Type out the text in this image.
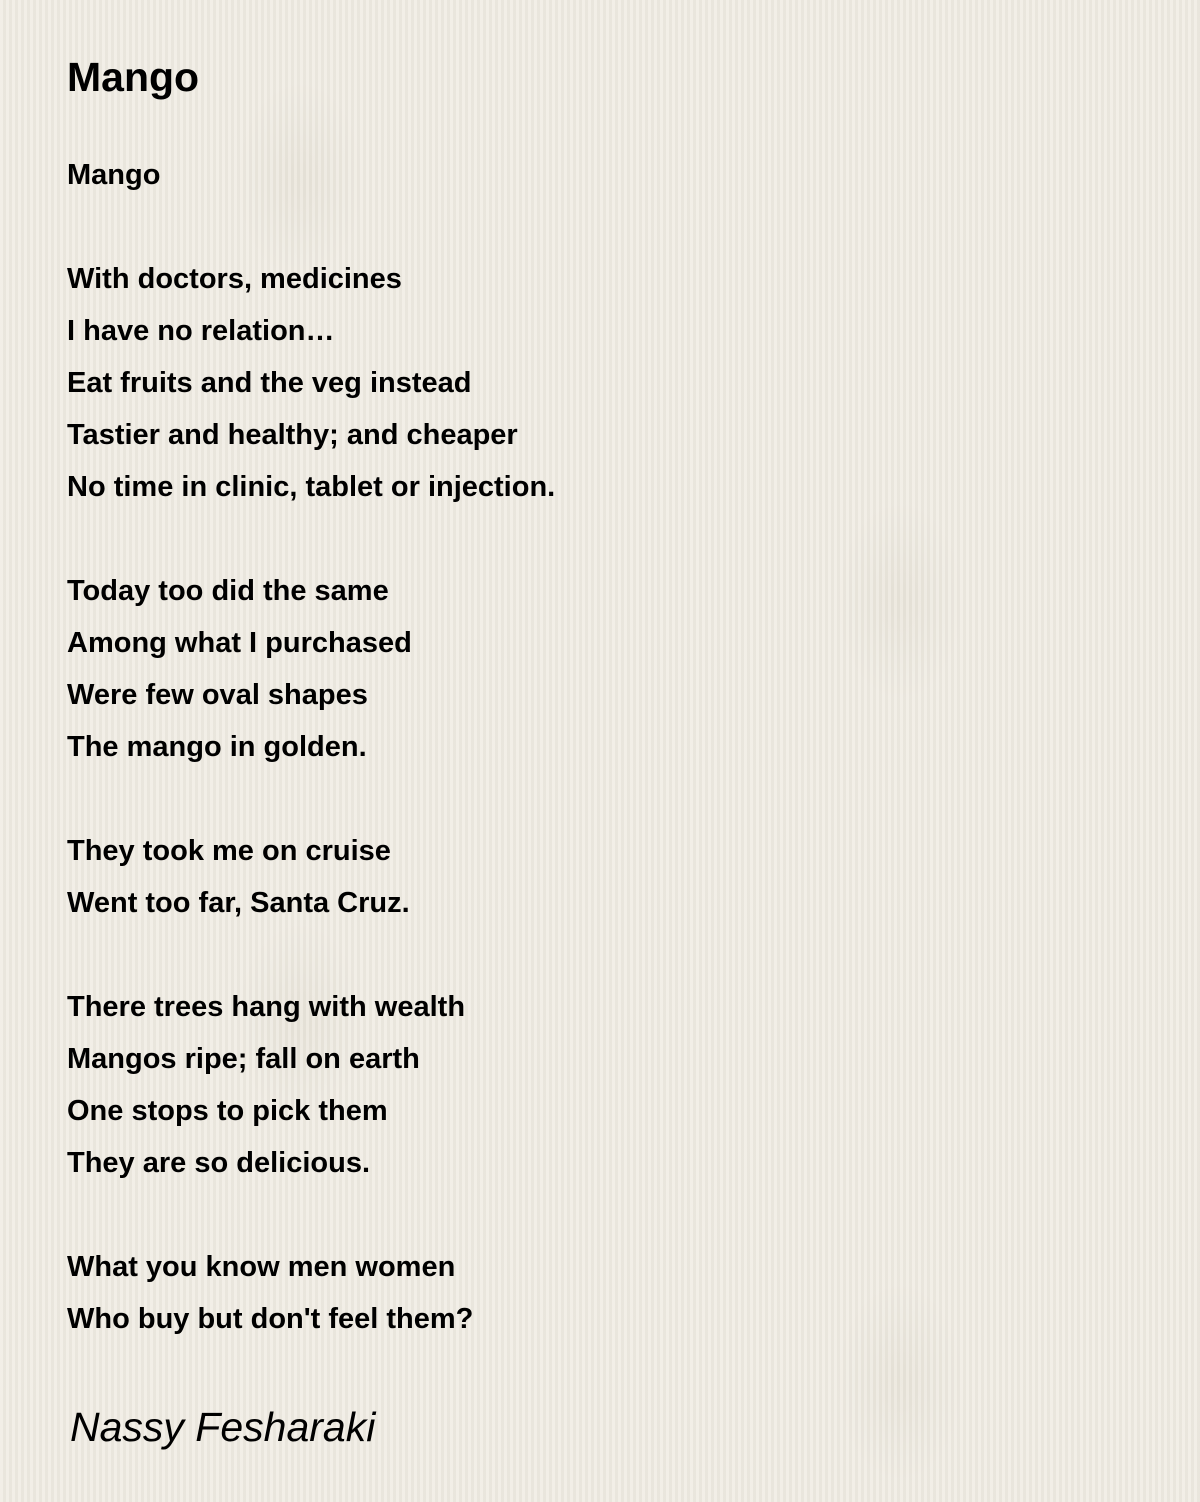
Mango
Mango
With doctors, medicines
I have no relation…
Eat fruits and the veg instead
Tastier and healthy; and cheaper
No time in clinic, tablet or injection.
Today too did the same
Among what I purchased
Were few oval shapes
The mango in golden.
They took me on cruise
Went too far, Santa Cruz.
There trees hang with wealth
Mangos ripe; fall on earth
One stops to pick them
They are so delicious.
What you know men women
Who buy but don't feel them?
Nassy Fesharaki
